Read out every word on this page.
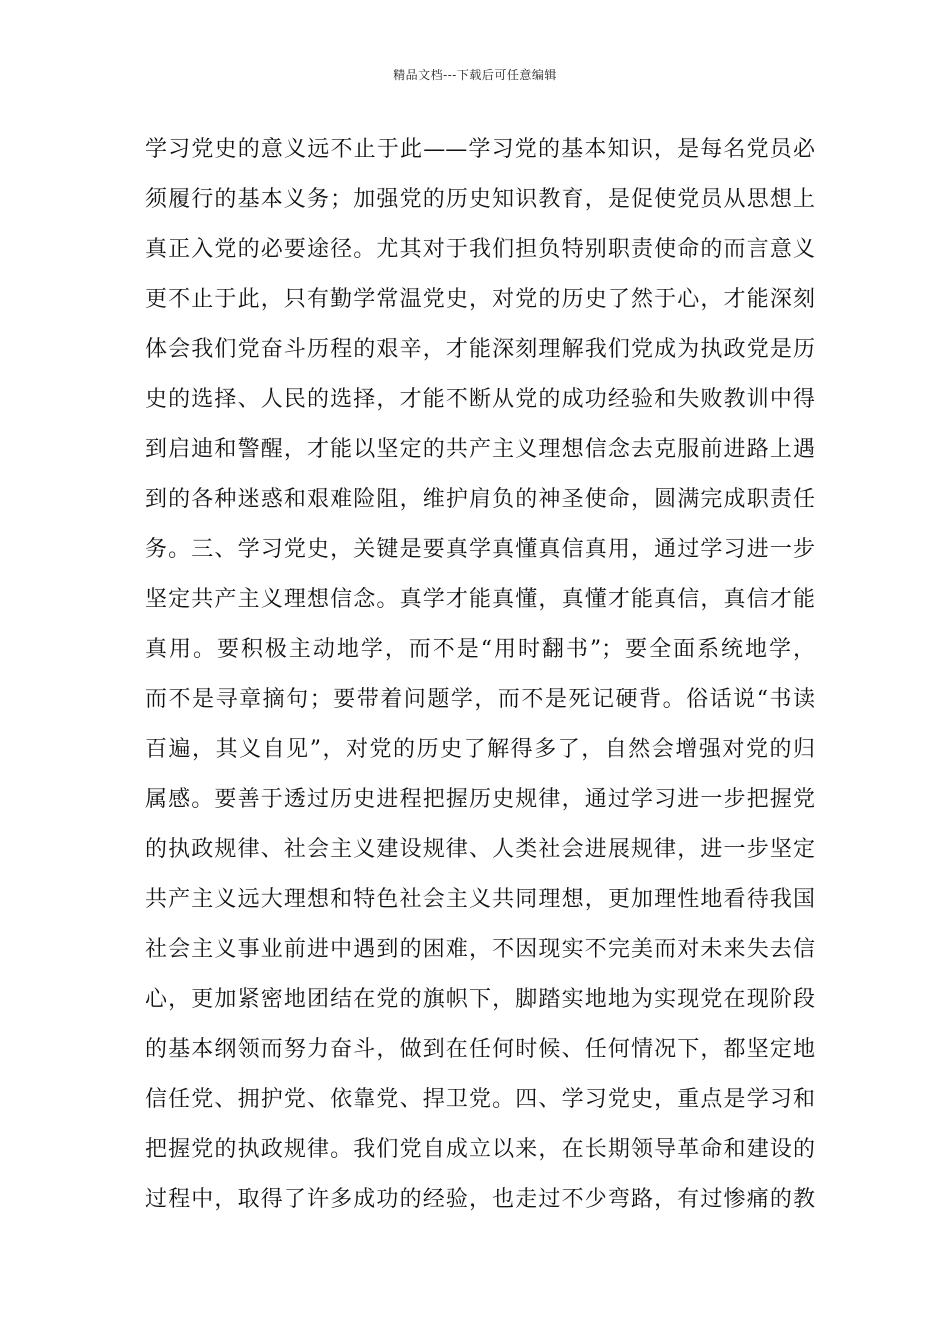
精品文档---下载后可任意编辑
学习党史的意义远不止于此——学习党的基本知识，是每名党员必
须履行的基本义务；加强党的历史知识教育，是促使党员从思想上
真正入党的必要途径。尤其对于我们担负特别职责使命的而言意义
更不止于此，只有勤学常温党史，对党的历史了然于心，才能深刻
体会我们党奋斗历程的艰辛，才能深刻理解我们党成为执政党是历
史的选择、人民的选择，才能不断从党的成功经验和失败教训中得
到启迪和警醒，才能以坚定的共产主义理想信念去克服前进路上遇
到的各种迷惑和艰难险阻，维护肩负的神圣使命，圆满完成职责任
务。三、学习党史，关键是要真学真懂真信真用，通过学习进一步
坚定共产主义理想信念。真学才能真懂，真懂才能真信，真信才能
真用。要积极主动地学，而不是“用时翻书”；要全面系统地学，
而不是寻章摘句；要带着问题学，而不是死记硬背。俗话说“书读
百遍，其义自见”，对党的历史了解得多了，自然会增强对党的归
属感。要善于透过历史进程把握历史规律，通过学习进一步把握党
的执政规律、社会主义建设规律、人类社会进展规律，进一步坚定
共产主义远大理想和特色社会主义共同理想，更加理性地看待我国
社会主义事业前进中遇到的困难，不因现实不完美而对未来失去信
心，更加紧密地团结在党的旗帜下，脚踏实地地为实现党在现阶段
的基本纲领而努力奋斗，做到在任何时候、任何情况下，都坚定地
信任党、拥护党、依靠党、捍卫党。四、学习党史，重点是学习和
把握党的执政规律。我们党自成立以来，在长期领导革命和建设的
过程中，取得了许多成功的经验，也走过不少弯路，有过惨痛的教
